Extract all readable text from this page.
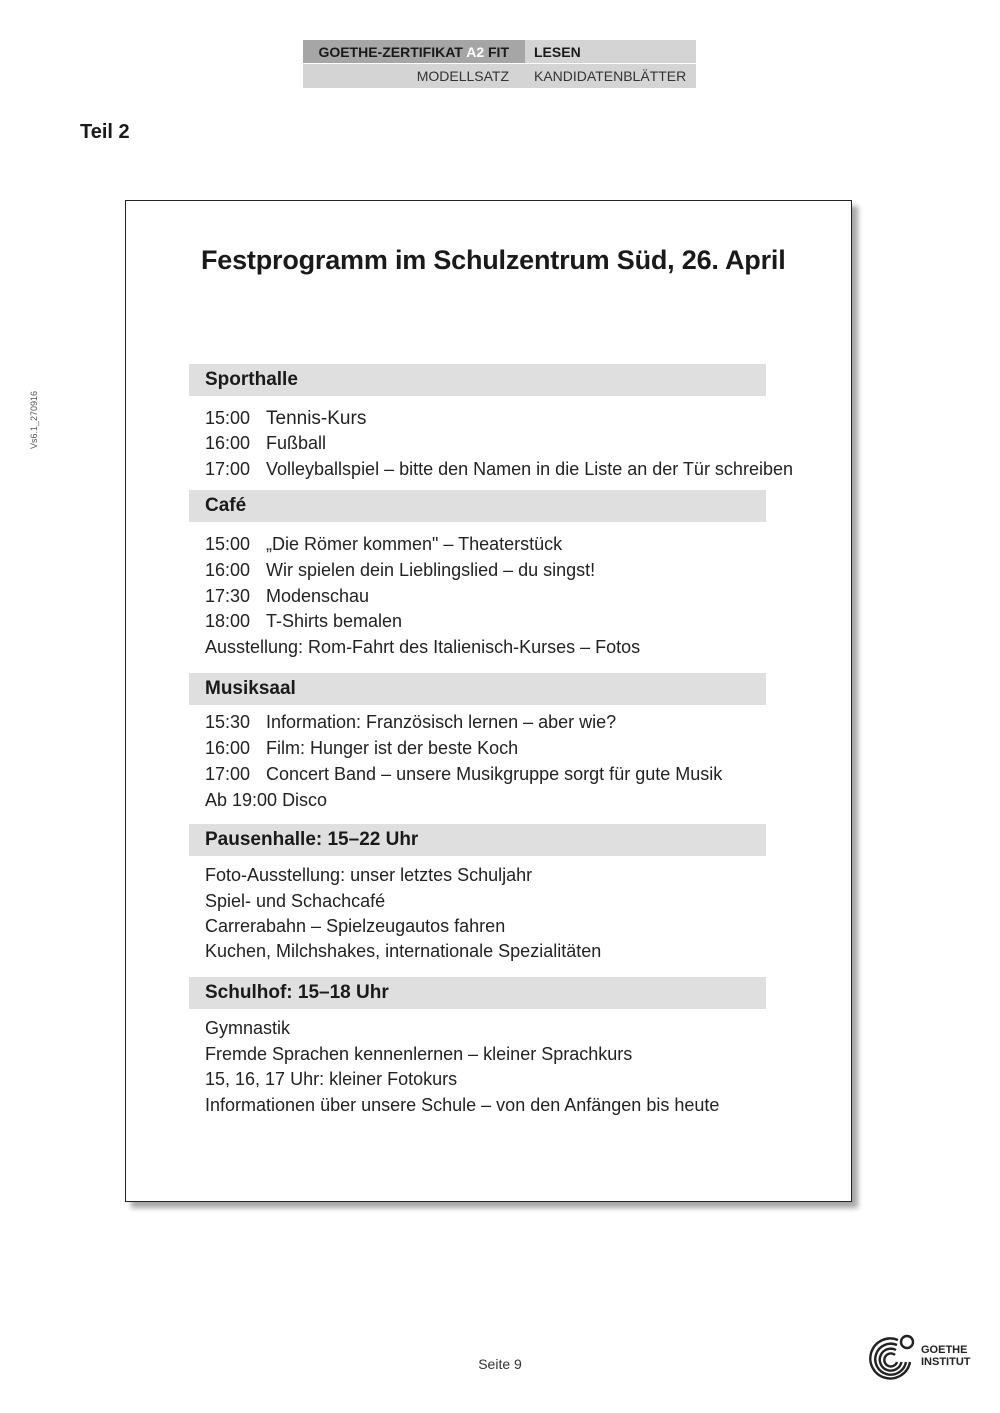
GOETHE-ZERTIFIKAT A2 FIT	LESEN
MODELLSATZ	KANDIDATENBLÄTTER
Teil 2
Vs6.1_270916
Festprogramm im Schulzentrum Süd, 26. April
Sporthalle
15:00 Tennis-Kurs
16:00 Fußball
17:00 Volleyballspiel – bitte den Namen in die Liste an der Tür schreiben
Café
15:00 „Die Römer kommen" – Theaterstück
16:00 Wir spielen dein Lieblingslied – du singst!
17:30 Modenschau
18:00 T-Shirts bemalen
Ausstellung: Rom-Fahrt des Italienisch-Kurses – Fotos
Musiksaal
15:30 Information: Französisch lernen – aber wie?
16:00 Film: Hunger ist der beste Koch
17:00 Concert Band – unsere Musikgruppe sorgt für gute Musik
Ab 19:00 Disco
Pausenhalle: 15–22 Uhr
Foto-Ausstellung: unser letztes Schuljahr
Spiel- und Schachcafé
Carrerabahn – Spielzeugautos fahren
Kuchen, Milchshakes, internationale Spezialitäten
Schulhof: 15–18 Uhr
Gymnastik
Fremde Sprachen kennenlernen – kleiner Sprachkurs
15, 16, 17 Uhr: kleiner Fotokurs
Informationen über unsere Schule – von den Anfängen bis heute
Seite 9
GOETHE
INSTITUT
